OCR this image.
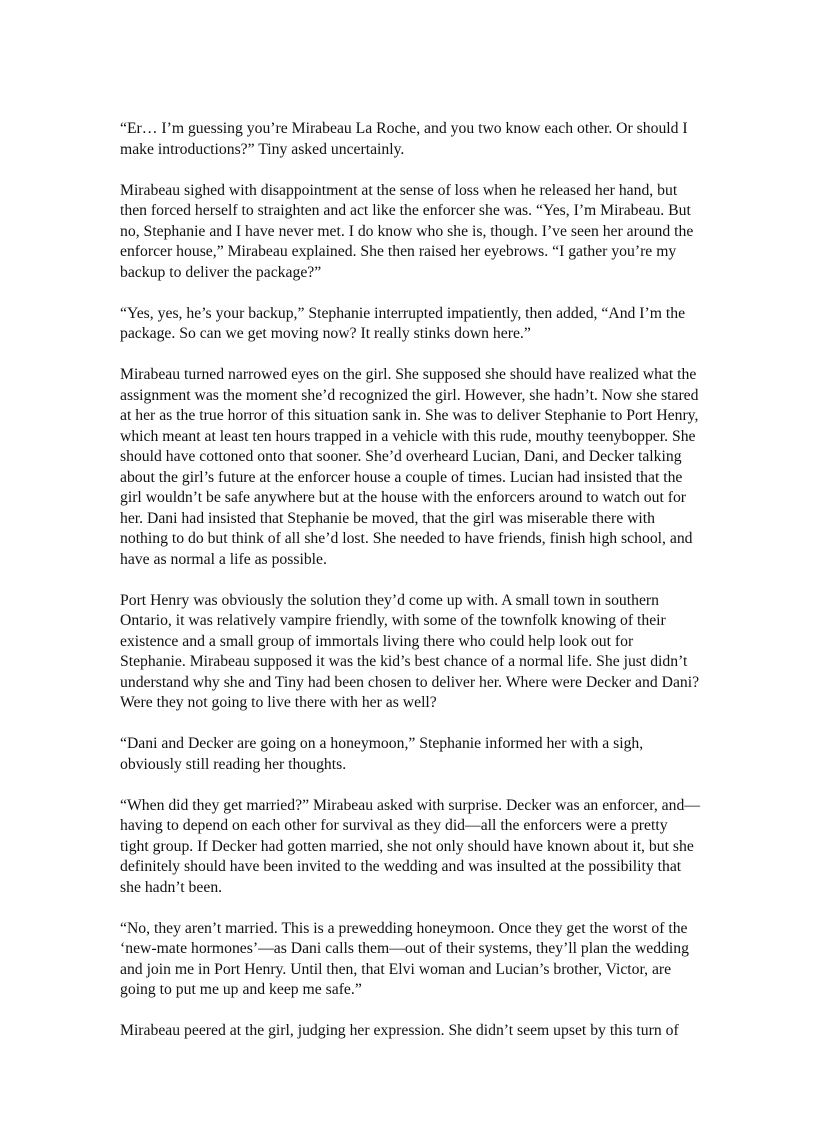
“Er… I’m guessing you’re Mirabeau La Roche, and you two know each other. Or should I make introductions?” Tiny asked uncertainly.

Mirabeau sighed with disappointment at the sense of loss when he released her hand, but then forced herself to straighten and act like the enforcer she was. “Yes, I’m Mirabeau. But no, Stephanie and I have never met. I do know who she is, though. I’ve seen her around the enforcer house,” Mirabeau explained. She then raised her eyebrows. “I gather you’re my backup to deliver the package?”

“Yes, yes, he’s your backup,” Stephanie interrupted impatiently, then added, “And I’m the package. So can we get moving now? It really stinks down here.”

Mirabeau turned narrowed eyes on the girl. She supposed she should have realized what the assignment was the moment she’d recognized the girl. However, she hadn’t. Now she stared at her as the true horror of this situation sank in. She was to deliver Stephanie to Port Henry, which meant at least ten hours trapped in a vehicle with this rude, mouthy teenybopper. She should have cottoned onto that sooner. She’d overheard Lucian, Dani, and Decker talking about the girl’s future at the enforcer house a couple of times. Lucian had insisted that the girl wouldn’t be safe anywhere but at the house with the enforcers around to watch out for her. Dani had insisted that Stephanie be moved, that the girl was miserable there with nothing to do but think of all she’d lost. She needed to have friends, finish high school, and have as normal a life as possible.

Port Henry was obviously the solution they’d come up with. A small town in southern Ontario, it was relatively vampire friendly, with some of the townfolk knowing of their existence and a small group of immortals living there who could help look out for Stephanie. Mirabeau supposed it was the kid’s best chance of a normal life. She just didn’t understand why she and Tiny had been chosen to deliver her. Where were Decker and Dani? Were they not going to live there with her as well?

“Dani and Decker are going on a honeymoon,” Stephanie informed her with a sigh, obviously still reading her thoughts.

“When did they get married?” Mirabeau asked with surprise. Decker was an enforcer, and—having to depend on each other for survival as they did—all the enforcers were a pretty tight group. If Decker had gotten married, she not only should have known about it, but she definitely should have been invited to the wedding and was insulted at the possibility that she hadn’t been.

“No, they aren’t married. This is a prewedding honeymoon. Once they get the worst of the ‘new-mate hormones’—as Dani calls them—out of their systems, they’ll plan the wedding and join me in Port Henry. Until then, that Elvi woman and Lucian’s brother, Victor, are going to put me up and keep me safe.”

Mirabeau peered at the girl, judging her expression. She didn’t seem upset by this turn of
